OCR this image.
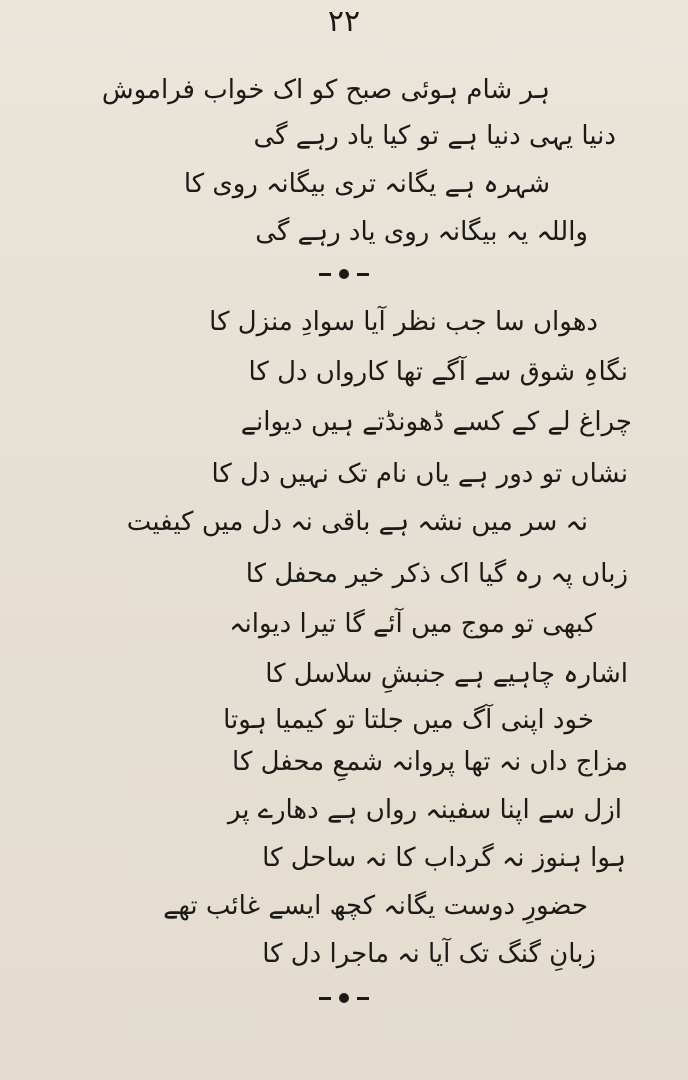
۲۲
ہر شام ہوئی صبح کو اک خواب فراموش
دنیا یہی دنیا ہے تو کیا یاد رہے گی
شہرہ ہے یگانہ تری بیگانہ روی کا
واللہ یہ بیگانہ روی یاد رہے گی
دھواں سا جب نظر آیا سوادِ منزل کا
نگاہِ شوق سے آگے تھا کارواں دل کا
چراغ لے کے کسے ڈھونڈتے ہیں دیوانے
نشاں تو دور ہے یاں نام تک نہیں دل کا
نہ سر میں نشہ ہے باقی نہ دل میں کیفیت
زباں پہ رہ گیا اک ذکر خیر محفل کا
کبھی تو موج میں آئے گا تیرا دیوانہ
اشارہ چاہیے ہے جنبشِ سلاسل کا
خود اپنی آگ میں جلتا تو کیمیا ہوتا
مزاج داں نہ تھا پروانہ شمعِ محفل کا
ازل سے اپنا سفینہ رواں ہے دھارے پر
ہوا ہنوز نہ گرداب کا نہ ساحل کا
حضورِ دوست یگانہ کچھ ایسے غائب تھے
زبانِ گنگ تک آیا نہ ماجرا دل کا
